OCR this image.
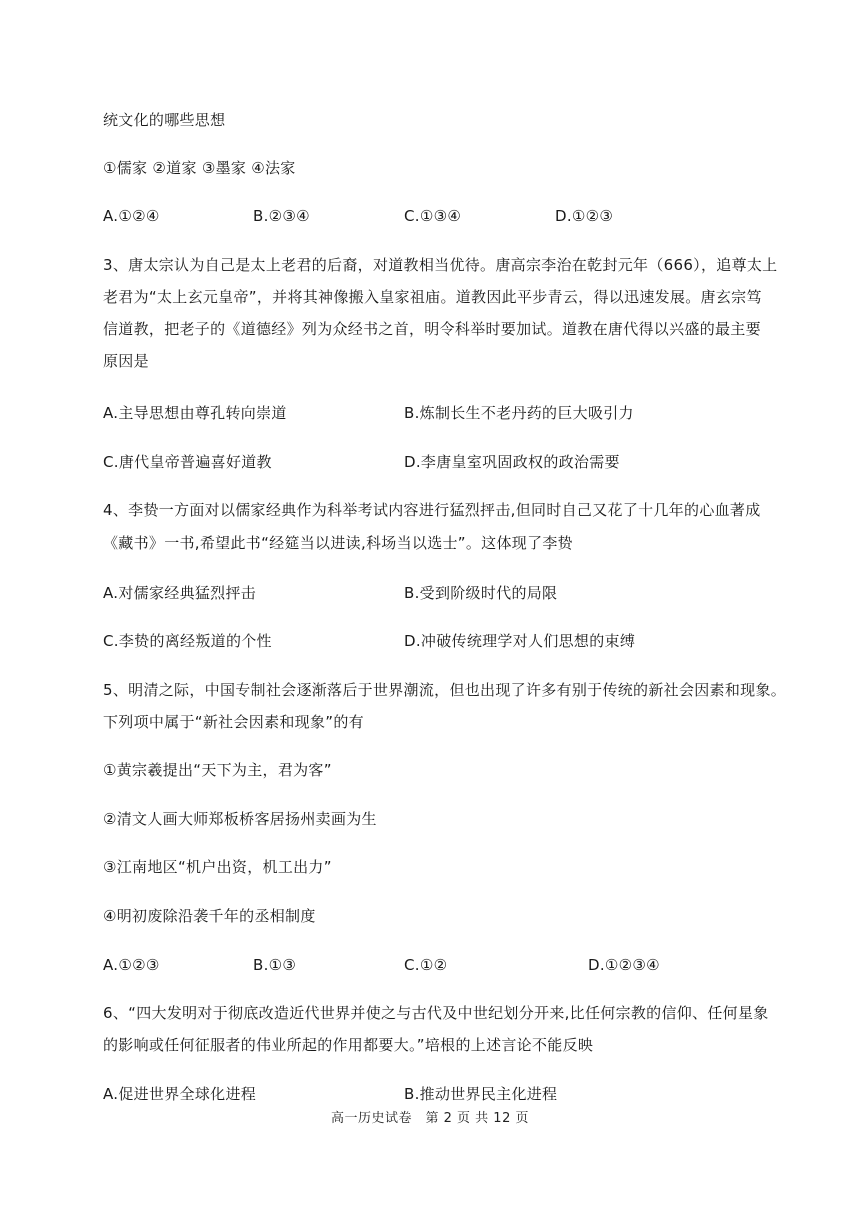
统文化的哪些思想
①儒家 ②道家 ③墨家 ④法家
A.①②④	B.②③④	C.①③④	D.①②③
3、唐太宗认为自己是太上老君的后裔，对道教相当优待。唐高宗李治在乾封元年（666），追尊太上
老君为“太上玄元皇帝”，并将其神像搬入皇家祖庙。道教因此平步青云，得以迅速发展。唐玄宗笃
信道教，把老子的《道德经》列为众经书之首，明令科举时要加试。道教在唐代得以兴盛的最主要
原因是
A.主导思想由尊孔转向崇道	B.炼制长生不老丹药的巨大吸引力
C.唐代皇帝普遍喜好道教	D.李唐皇室巩固政权的政治需要
4、李贽一方面对以儒家经典作为科举考试内容进行猛烈抨击,但同时自己又花了十几年的心血著成
《藏书》一书,希望此书“经筵当以进读,科场当以选士”。这体现了李贽
A.对儒家经典猛烈抨击	B.受到阶级时代的局限
C.李贽的离经叛道的个性	D.冲破传统理学对人们思想的束缚
5、明清之际，中国专制社会逐渐落后于世界潮流，但也出现了许多有别于传统的新社会因素和现象。
下列项中属于“新社会因素和现象”的有
①黄宗羲提出“天下为主，君为客”
②清文人画大师郑板桥客居扬州卖画为生
③江南地区“机户出资，机工出力”
④明初废除沿袭千年的丞相制度
A.①②③	B.①③	C.①②	D.①②③④
6、“四大发明对于彻底改造近代世界并使之与古代及中世纪划分开来,比任何宗教的信仰、任何星象
的影响或任何征服者的伟业所起的作用都要大。”培根的上述言论不能反映
A.促进世界全球化进程	B.推动世界民主化进程
高一历史试卷　第 2 页 共 12 页
